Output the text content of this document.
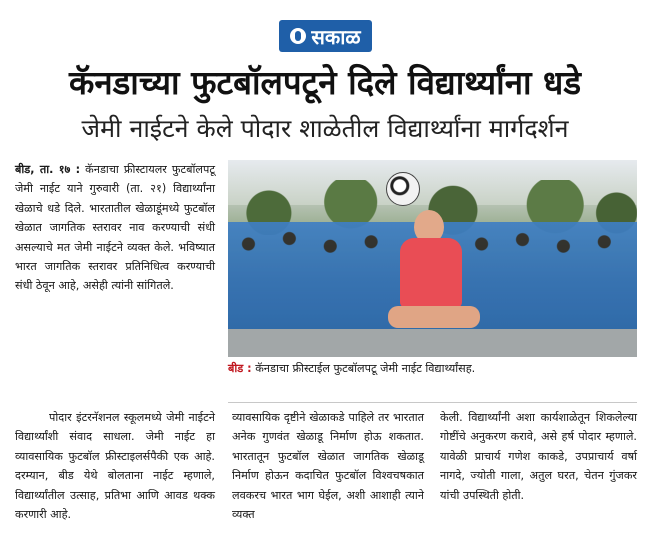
सकाळ
कॅनडाच्या फुटबॉलपटूने दिले विद्यार्थ्यांना धडे
जेमी नाईटने केले पोदार शाळेतील विद्यार्थ्यांना मार्गदर्शन

बीड, ता. १७ : कॅनडाचा फ्रीस्टायलर फुटबॉलपटू जेमी नाईट याने गुरुवारी (ता. २१) विद्यार्थ्यांना खेळाचे धडे दिले. भारतातील खेळाडूंमध्ये फुटबॉल खेळात जागतिक स्तरावर नाव करण्याची संधी असल्याचे मत जेमी नाईटने व्यक्त केले. भविष्यात भारत जागतिक स्तरावर प्रतिनिधित्व करण्याची संधी ठेवून आहे, असेही त्यांनी सांगितले.

बीड : कॅनडाचा फ्रीस्टाईल फुटबॉलपटू जेमी नाईट विद्यार्थ्यांसह.

पोदार इंटरनॅशनल स्कूलमध्ये जेमी नाईटने विद्यार्थ्यांशी संवाद साधला. जेमी नाईट हा व्यावसायिक फुटबॉल फ्रीस्टाइलर्सपैकी एक आहे. दरम्यान, बीड येथे बोलताना नाईट म्हणाले, विद्यार्थ्यांतील उत्साह, प्रतिभा आणि आवड थक्क करणारी आहे.

व्यावसायिक दृष्टीने खेळाकडे पाहिले तर भारतात अनेक गुणवंत खेळाडू निर्माण होऊ शकतात. भारतातून फुटबॉल खेळात जागतिक खेळाडू निर्माण होऊन कदाचित फुटबॉल विश्‍वचषकात लवकरच भारत भाग घेईल, अशी आशाही त्याने व्यक्त

केली. विद्यार्थ्यांनी अशा कार्यशाळेतून शिकलेल्या गोष्टींचे अनुकरण करावे, असे हर्ष पोदार म्हणाले. यावेळी प्राचार्य गणेश काकडे, उपप्राचार्य वर्षा नागदे, ज्योती गाला, अतुल घरत, चेतन गुंजकर यांची उपस्थिती होती.
